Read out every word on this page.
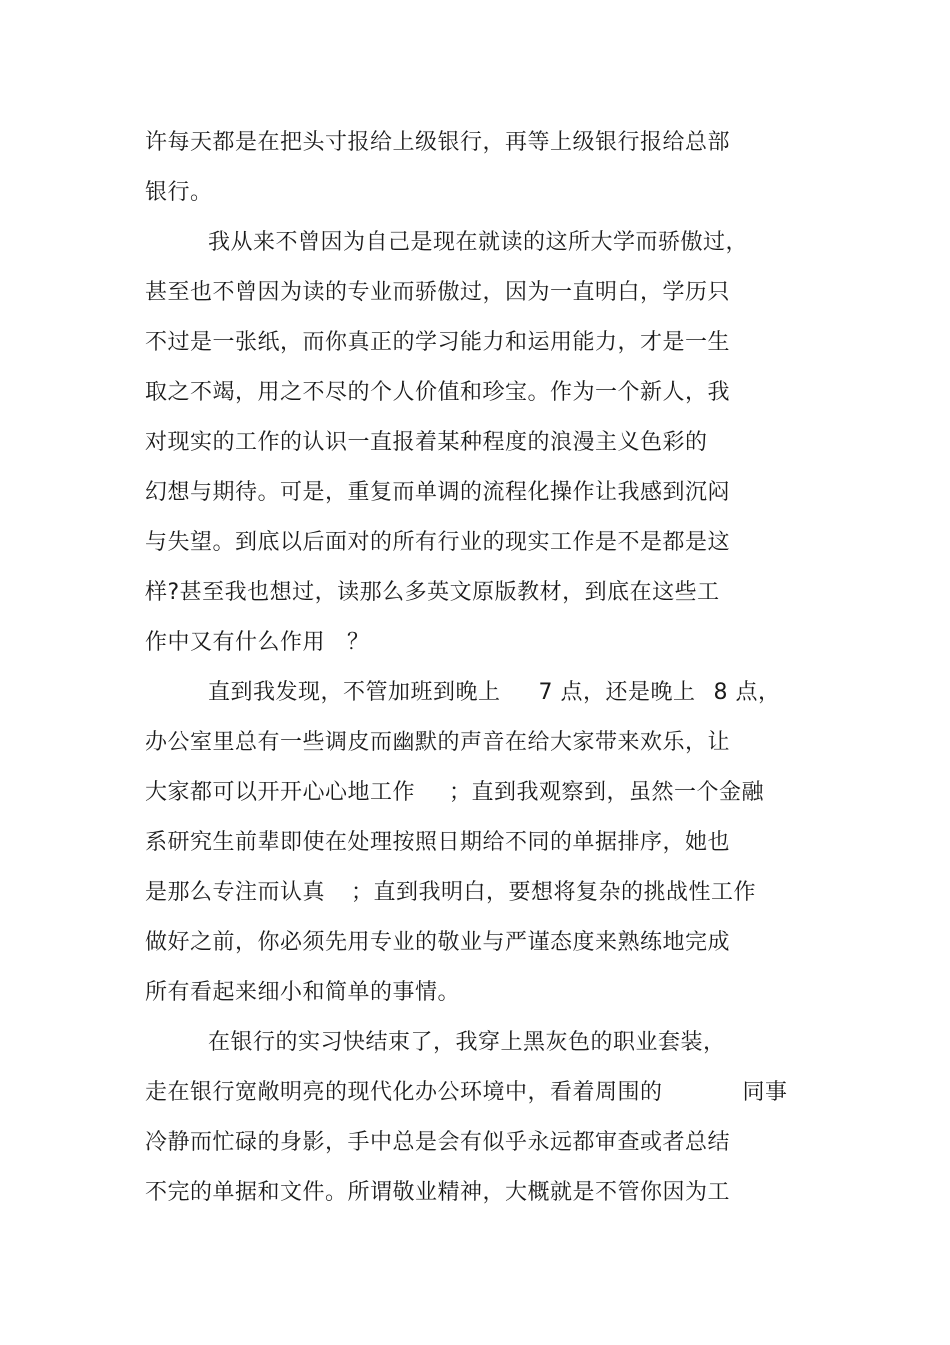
许每天都是在把头寸报给上级银行，再等上级银行报给总部
银行。
我从来不曾因为自己是现在就读的这所大学而骄傲过，
甚至也不曾因为读的专业而骄傲过，因为一直明白，学历只
不过是一张纸，而你真正的学习能力和运用能力，才是一生
取之不竭，用之不尽的个人价值和珍宝。作为一个新人，我
对现实的工作的认识一直报着某种程度的浪漫主义色彩的
幻想与期待。可是，重复而单调的流程化操作让我感到沉闷
与失望。到底以后面对的所有行业的现实工作是不是都是这
样?甚至我也想过，读那么多英文原版教材，到底在这些工
作中又有什么作用 ？
直到我发现，不管加班到晚上 7 点，还是晚上 8 点，
办公室里总有一些调皮而幽默的声音在给大家带来欢乐，让
大家都可以开开心心地工作 ；直到我观察到，虽然一个金融
系研究生前辈即使在处理按照日期给不同的单据排序，她也
是那么专注而认真 ；直到我明白，要想将复杂的挑战性工作
做好之前，你必须先用专业的敬业与严谨态度来熟练地完成
所有看起来细小和简单的事情。
在银行的实习快结束了，我穿上黑灰色的职业套装，
走在银行宽敞明亮的现代化办公环境中，看着周围的	同事
冷静而忙碌的身影，手中总是会有似乎永远都审查或者总结
不完的单据和文件。所谓敬业精神，大概就是不管你因为工
